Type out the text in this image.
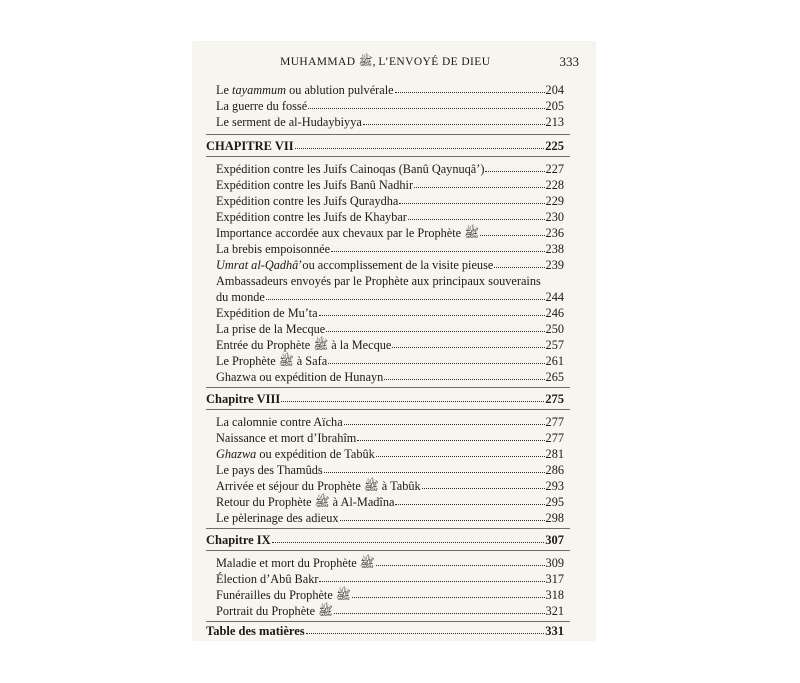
MUHAMMAD ﷺ, L’ENVOYÉ DE DIEU	333
Le tayammum ou ablution pulvérale	204
La guerre du fossé	205
Le serment de al-Hudaybiyya	213
CHAPITRE VII	225
Expédition contre les Juifs Cainoqas (Banû Qaynuqâ’)	227
Expédition contre les Juifs Banû Nadhir	228
Expédition contre les Juifs Quraydha	229
Expédition contre les Juifs de Khaybar	230
Importance accordée aux chevaux par le Prophète ﷺ	236
La brebis empoisonnée	238
Umrat al-Qadhâ’ou accomplissement de la visite pieuse	239
Ambassadeurs envoyés par le Prophète aux principaux souverains
du monde	244
Expédition de Mu’ta	246
La prise de la Mecque	250
Entrée du Prophète ﷺ à la Mecque	257
Le Prophète ﷺ à Safa	261
Ghazwa ou expédition de Hunayn	265
Chapitre VIII	275
La calomnie contre Aïcha	277
Naissance et mort d’Ibrahîm	277
Ghazwa ou expédition de Tabûk	281
Le pays des Thamûds	286
Arrivée et séjour du Prophète ﷺ à Tabûk	293
Retour du Prophète ﷺ à Al-Madîna	295
Le pèlerinage des adieux	298
Chapitre IX	307
Maladie et mort du Prophète ﷺ	309
Élection d’Abû Bakr	317
Funérailles du Prophète ﷺ	318
Portrait du Prophète ﷺ	321
Table des matières	331
